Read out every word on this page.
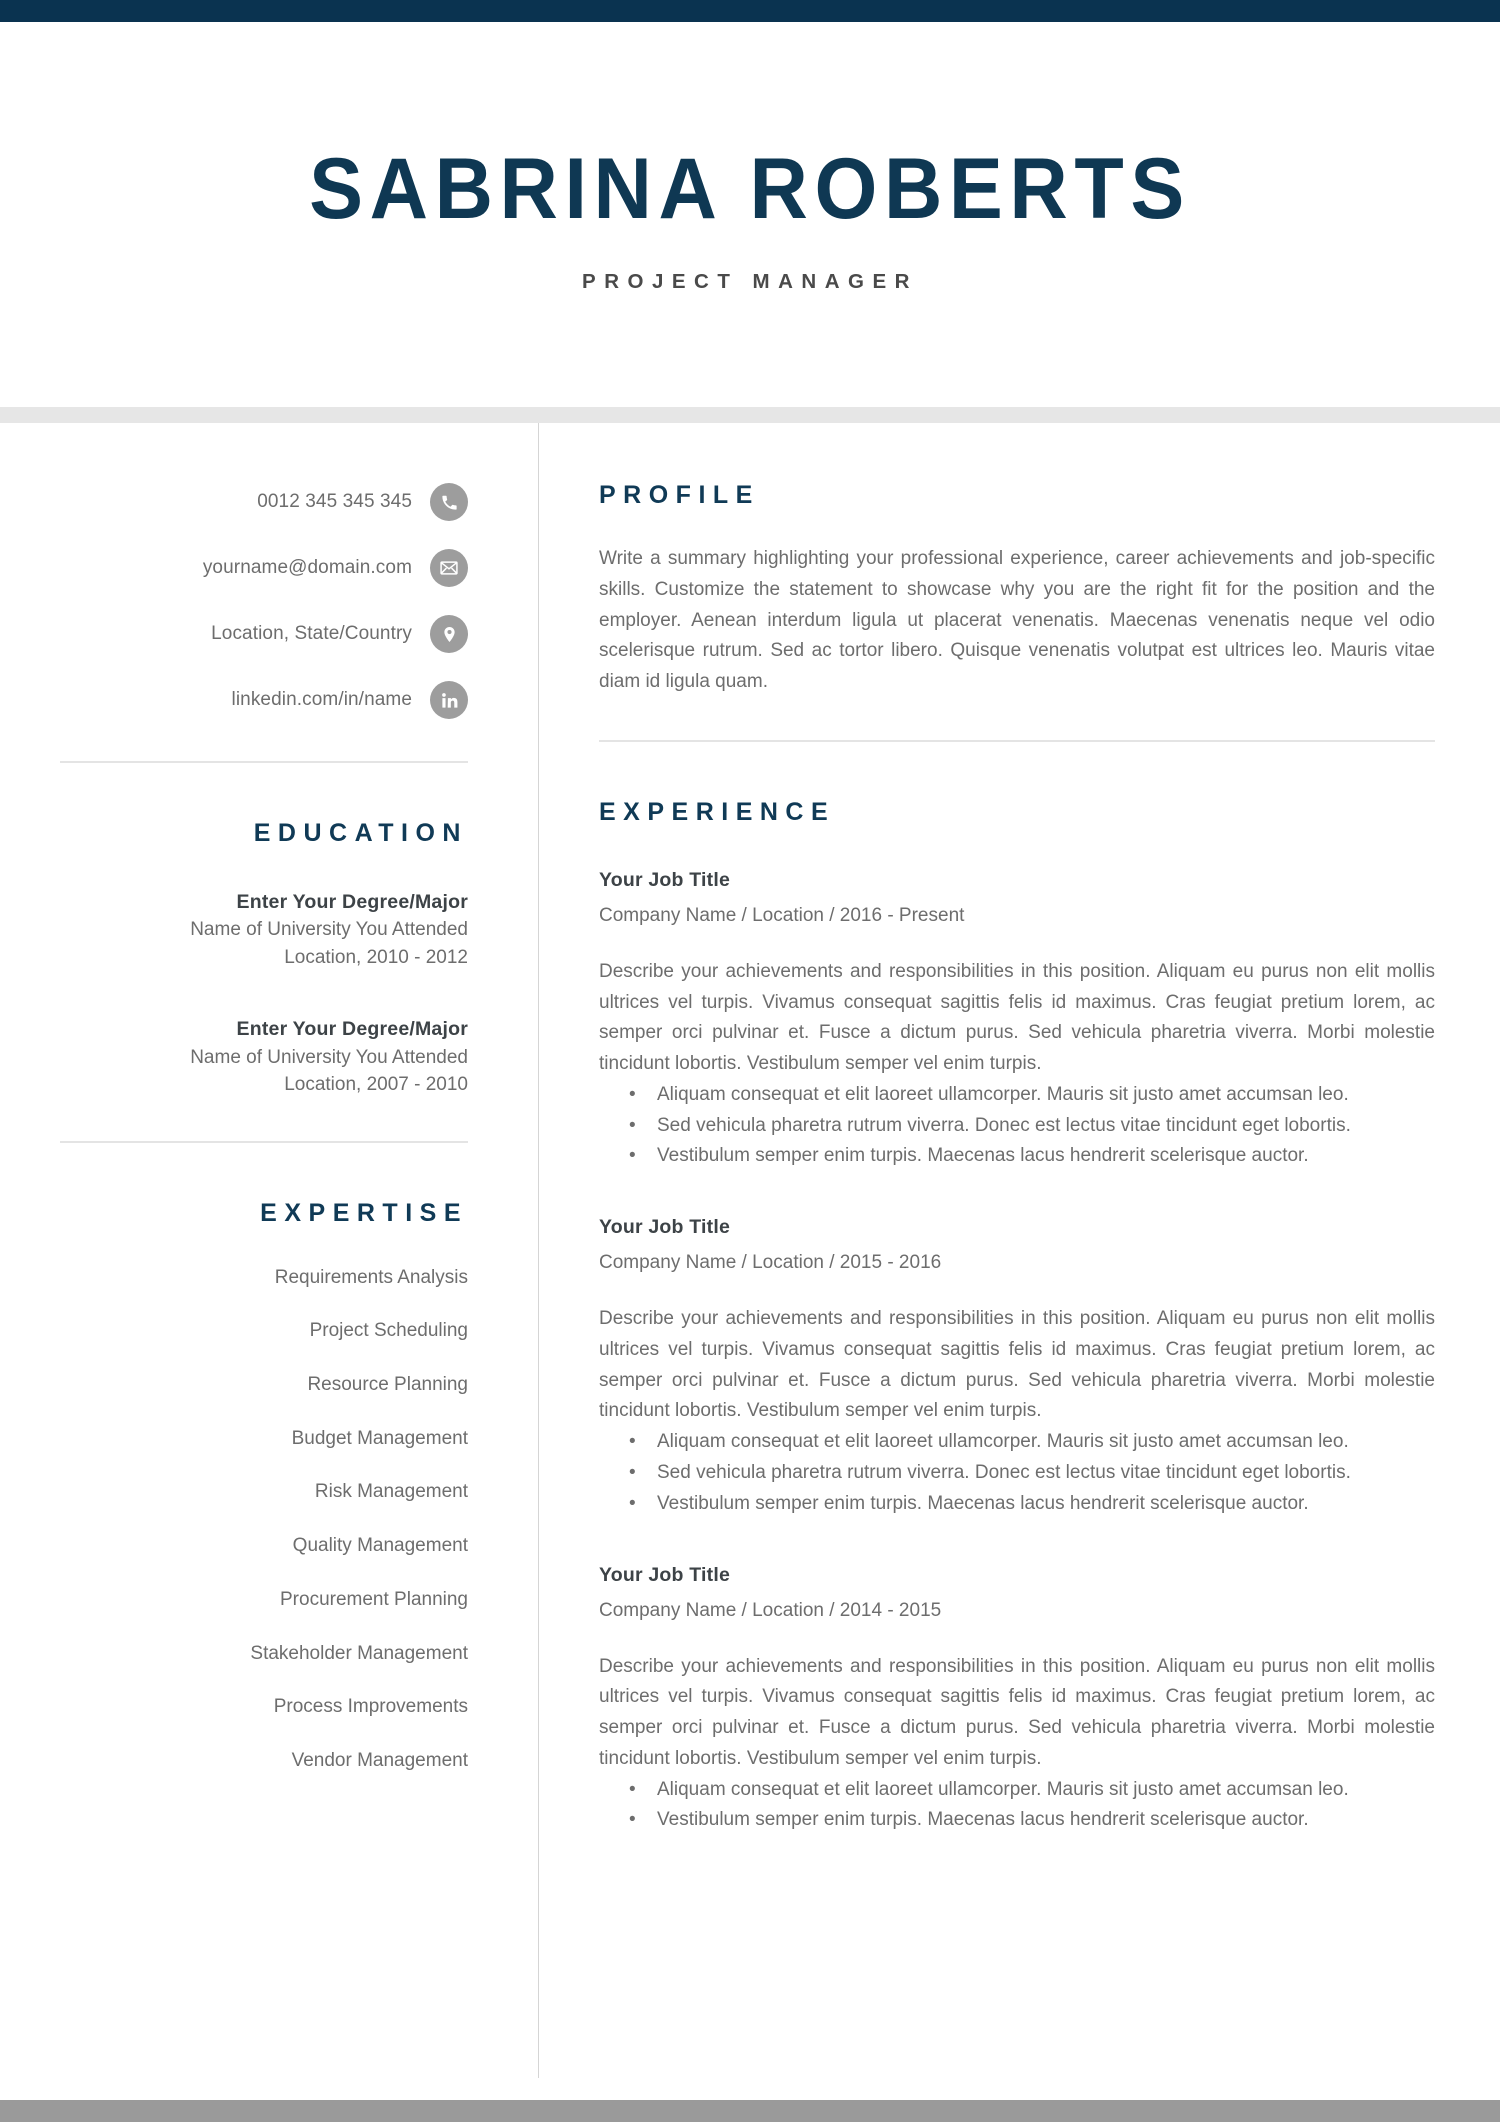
SABRINA ROBERTS
PROJECT MANAGER
0012 345 345 345
yourname@domain.com
Location, State/Country
linkedin.com/in/name
EDUCATION
Enter Your Degree/Major
Name of University You Attended
Location, 2010 - 2012
Enter Your Degree/Major
Name of University You Attended
Location, 2007 - 2010
EXPERTISE
Requirements Analysis
Project Scheduling
Resource Planning
Budget Management
Risk Management
Quality Management
Procurement Planning
Stakeholder Management
Process Improvements
Vendor Management
PROFILE

Write a summary highlighting your professional experience, career achievements and job-specific skills. Customize the statement to showcase why you are the right fit for the position and the employer. Aenean interdum ligula ut placerat venenatis. Maecenas venenatis neque vel odio scelerisque rutrum. Sed ac tortor libero. Quisque venenatis volutpat est ultrices leo. Mauris vitae diam id ligula quam.

EXPERIENCE
Your Job Title
Company Name / Location / 2016 - Present

Describe your achievements and responsibilities in this position. Aliquam eu purus non elit mollis ultrices vel turpis. Vivamus consequat sagittis felis id maximus. Cras feugiat pretium lorem, ac semper orci pulvinar et. Fusce a dictum purus. Sed vehicula pharetria viverra. Morbi molestie tincidunt lobortis. Vestibulum semper vel enim turpis.

• Aliquam consequat et elit laoreet ullamcorper. Mauris sit justo amet accumsan leo.
• Sed vehicula pharetra rutrum viverra. Donec est lectus vitae tincidunt eget lobortis.
• Vestibulum semper enim turpis. Maecenas lacus hendrerit scelerisque auctor.
Your Job Title
Company Name / Location / 2015 - 2016

Describe your achievements and responsibilities in this position. Aliquam eu purus non elit mollis ultrices vel turpis. Vivamus consequat sagittis felis id maximus. Cras feugiat pretium lorem, ac semper orci pulvinar et. Fusce a dictum purus. Sed vehicula pharetria viverra. Morbi molestie tincidunt lobortis. Vestibulum semper vel enim turpis.

• Aliquam consequat et elit laoreet ullamcorper. Mauris sit justo amet accumsan leo.
• Sed vehicula pharetra rutrum viverra. Donec est lectus vitae tincidunt eget lobortis.
• Vestibulum semper enim turpis. Maecenas lacus hendrerit scelerisque auctor.
Your Job Title
Company Name / Location / 2014 - 2015

Describe your achievements and responsibilities in this position. Aliquam eu purus non elit mollis ultrices vel turpis. Vivamus consequat sagittis felis id maximus. Cras feugiat pretium lorem, ac semper orci pulvinar et. Fusce a dictum purus. Sed vehicula pharetria viverra. Morbi molestie tincidunt lobortis. Vestibulum semper vel enim turpis.

• Aliquam consequat et elit laoreet ullamcorper. Mauris sit justo amet accumsan leo.
• Vestibulum semper enim turpis. Maecenas lacus hendrerit scelerisque auctor.
